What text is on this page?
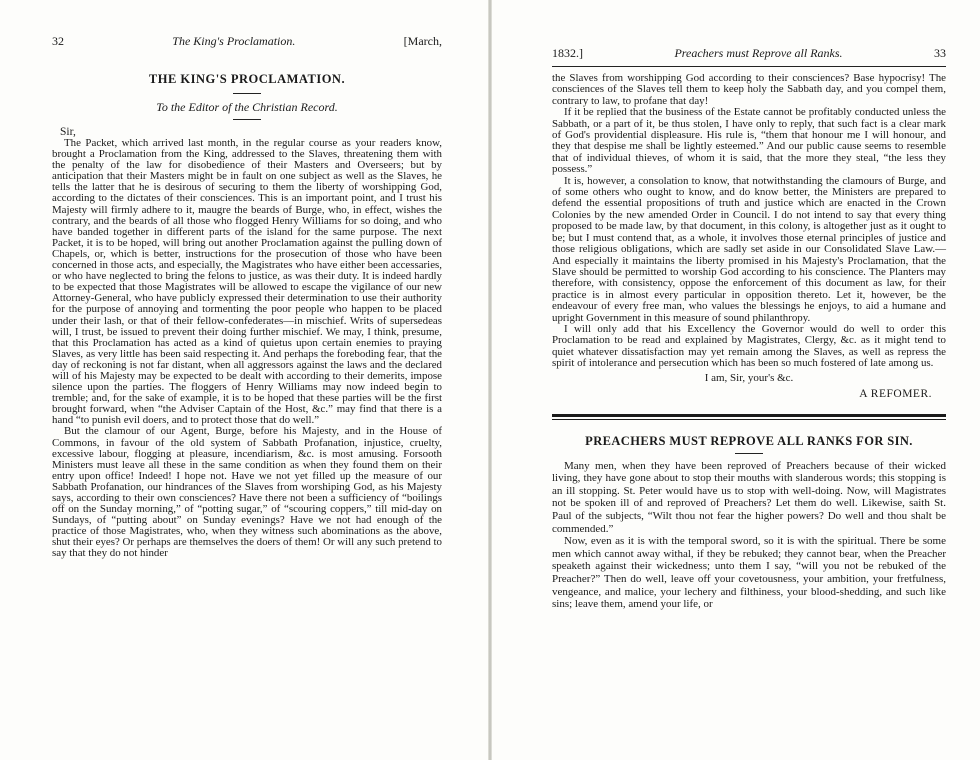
32	The King's Proclamation.	[March,
THE KING'S PROCLAMATION.
To the Editor of the Christian Record.
Sir,

The Packet, which arrived last month, in the regular course as your readers know, brought a Proclamation from the King, addressed to the Slaves, threatening them with the penalty of the law for disobedience of their Masters and Overseers; but by anticipation that their Masters might be in fault on one subject as well as the Slaves, he tells the latter that he is desirous of securing to them the liberty of worshipping God, according to the dictates of their consciences. This is an important point, and I trust his Majesty will firmly adhere to it, maugre the beards of Burge, who, in effect, wishes the contrary, and the beards of all those who flogged Henry Williams for so doing, and who have banded together in different parts of the island for the same purpose. The next Packet, it is to be hoped, will bring out another Proclamation against the pulling down of Chapels, or, which is better, instructions for the prosecution of those who have been concerned in those acts, and especially, the Magistrates who have either been accessaries, or who have neglected to bring the felons to justice, as was their duty. It is indeed hardly to be expected that those Magistrates will be allowed to escape the vigilance of our new Attorney-General, who have publicly expressed their determination to use their authority for the purpose of annoying and tormenting the poor people who happen to be placed under their lash, or that of their fellow-confederates—in mischief. Writs of supersedeas will, I trust, be issued to prevent their doing further mischief. We may, I think, presume, that this Proclamation has acted as a kind of quietus upon certain enemies to praying Slaves, as very little has been said respecting it. And perhaps the foreboding fear, that the day of reckoning is not far distant, when all aggressors against the laws and the declared will of his Majesty may be expected to be dealt with according to their demerits, impose silence upon the parties. The floggers of Henry Williams may now indeed begin to tremble; and, for the sake of example, it is to be hoped that these parties will be the first brought forward, when “the Adviser Captain of the Host, &c.” may find that there is a hand “to punish evil doers, and to protect those that do well.”

But the clamour of our Agent, Burge, before his Majesty, and in the House of Commons, in favour of the old system of Sabbath Profanation, injustice, cruelty, excessive labour, flogging at pleasure, incendiarism, &c. is most amusing. Forsooth Ministers must leave all these in the same condition as when they found them on their entry upon office! Indeed! I hope not. Have we not yet filled up the measure of our Sabbath Profanation, our hindrances of the Slaves from worshiping God, as his Majesty says, according to their own consciences? Have there not been a sufficiency of “boilings off on the Sunday morning,” of “potting sugar,” of “scouring coppers,” till mid-day on Sundays, of “putting about” on Sunday evenings? Have we not had enough of the practice of those Magistrates, who, when they witness such abominations as the above, shut their eyes? Or perhaps are themselves the doers of them! Or will any such pretend to say that they do not hinder

1832.]	Preachers must Reprove all Ranks.	33

the Slaves from worshipping God according to their consciences? Base hypocrisy! The consciences of the Slaves tell them to keep holy the Sabbath day, and you compel them, contrary to law, to profane that day!

If it be replied that the business of the Estate cannot be profitably conducted unless the Sabbath, or a part of it, be thus stolen, I have only to reply, that such fact is a clear mark of God's providential displeasure. His rule is, “them that honour me I will honour, and they that despise me shall be lightly esteemed.” And our public cause seems to resemble that of individual thieves, of whom it is said, that the more they steal, “the less they possess.”

It is, however, a consolation to know, that notwithstanding the clamours of Burge, and of some others who ought to know, and do know better, the Ministers are prepared to defend the essential propositions of truth and justice which are enacted in the Crown Colonies by the new amended Order in Council. I do not intend to say that every thing proposed to be made law, by that document, in this colony, is altogether just as it ought to be; but I must contend that, as a whole, it involves those eternal principles of justice and those religious obligations, which are sadly set aside in our Consolidated Slave Law.—And especially it maintains the liberty promised in his Majesty's Proclamation, that the Slave should be permitted to worship God according to his conscience. The Planters may therefore, with consistency, oppose the enforcement of this document as law, for their practice is in almost every particular in opposition thereto. Let it, however, be the endeavour of every free man, who values the blessings he enjoys, to aid a humane and upright Government in this measure of sound philanthropy.

I will only add that his Excellency the Governor would do well to order this Proclamation to be read and explained by Magistrates, Clergy, &c. as it might tend to quiet whatever dissatisfaction may yet remain among the Slaves, as well as repress the spirit of intolerance and persecution which has been so much fostered of late among us.

I am, Sir, your's &c.
A REFOMER.
PREACHERS MUST REPROVE ALL RANKS FOR SIN.

Many men, when they have been reproved of Preachers because of their wicked living, they have gone about to stop their mouths with slanderous words; this stopping is an ill stopping. St. Peter would have us to stop with well-doing. Now, will Magistrates not be spoken ill of and reproved of Preachers? Let them do well. Likewise, saith St. Paul of the subjects, “Wilt thou not fear the higher powers? Do well and thou shalt be commended.”

Now, even as it is with the temporal sword, so it is with the spiritual. There be some men which cannot away withal, if they be rebuked; they cannot bear, when the Preacher speaketh against their wickedness; unto them I say, “will you not be rebuked of the Preacher?” Then do well, leave off your covetousness, your ambition, your fretfulness, vengeance, and malice, your lechery and filthiness, your blood-shedding, and such like sins; leave them, amend your life, or
